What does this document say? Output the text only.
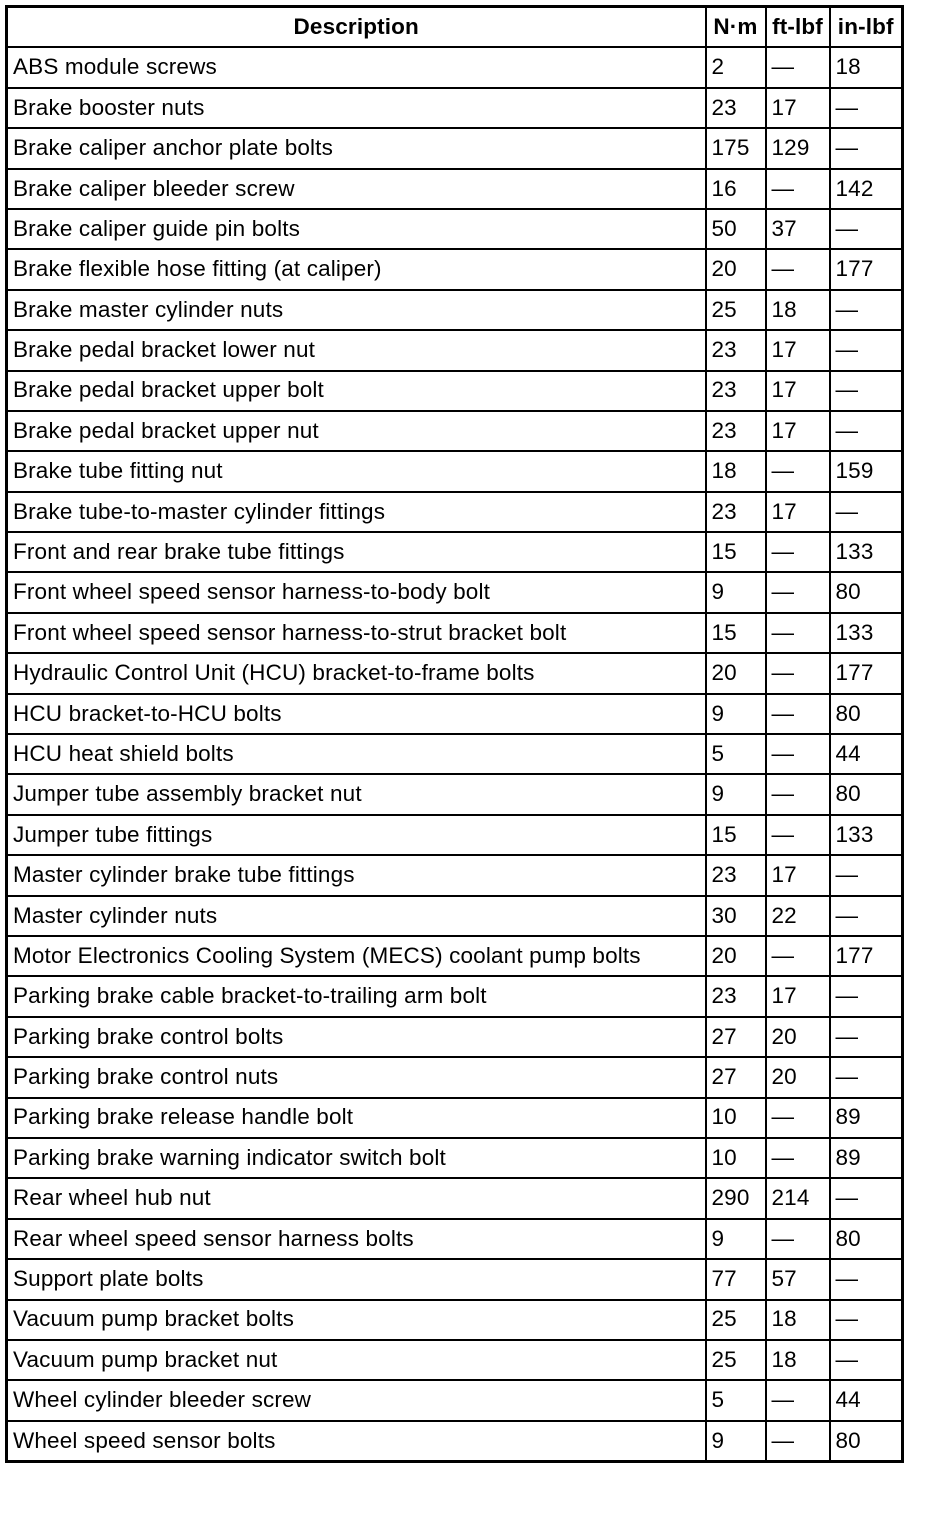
Description	N·m	ft-lbf	in-lbf
ABS module screws	2	—	18
Brake booster nuts	23	17	—
Brake caliper anchor plate bolts	175	129	—
Brake caliper bleeder screw	16	—	142
Brake caliper guide pin bolts	50	37	—
Brake flexible hose fitting (at caliper)	20	—	177
Brake master cylinder nuts	25	18	—
Brake pedal bracket lower nut	23	17	—
Brake pedal bracket upper bolt	23	17	—
Brake pedal bracket upper nut	23	17	—
Brake tube fitting nut	18	—	159
Brake tube-to-master cylinder fittings	23	17	—
Front and rear brake tube fittings	15	—	133
Front wheel speed sensor harness-to-body bolt	9	—	80
Front wheel speed sensor harness-to-strut bracket bolt	15	—	133
Hydraulic Control Unit (HCU) bracket-to-frame bolts	20	—	177
HCU bracket-to-HCU bolts	9	—	80
HCU heat shield bolts	5	—	44
Jumper tube assembly bracket nut	9	—	80
Jumper tube fittings	15	—	133
Master cylinder brake tube fittings	23	17	—
Master cylinder nuts	30	22	—
Motor Electronics Cooling System (MECS) coolant pump bolts	20	—	177
Parking brake cable bracket-to-trailing arm bolt	23	17	—
Parking brake control bolts	27	20	—
Parking brake control nuts	27	20	—
Parking brake release handle bolt	10	—	89
Parking brake warning indicator switch bolt	10	—	89
Rear wheel hub nut	290	214	—
Rear wheel speed sensor harness bolts	9	—	80
Support plate bolts	77	57	—
Vacuum pump bracket bolts	25	18	—
Vacuum pump bracket nut	25	18	—
Wheel cylinder bleeder screw	5	—	44
Wheel speed sensor bolts	9	—	80
